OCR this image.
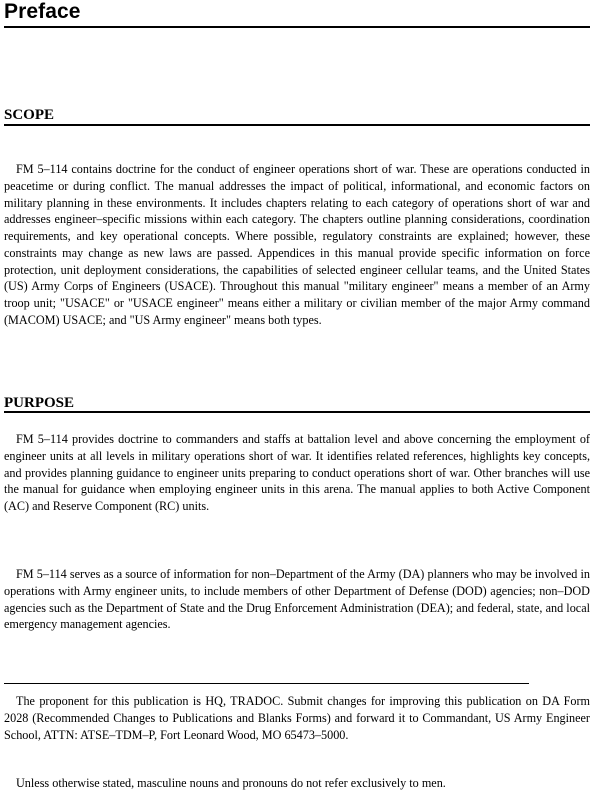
Preface
SCOPE

FM 5–114 contains doctrine for the conduct of engineer operations short of war. These are operations conducted in peacetime or during conflict. The manual addresses the impact of political, informational, and economic factors on military planning in these environments. It includes chapters relating to each category of operations short of war and addresses engineer–specific missions within each category. The chapters outline planning considerations, coordination requirements, and key operational concepts. Where possible, regulatory constraints are explained; however, these constraints may change as new laws are passed. Appendices in this manual provide specific information on force protection, unit deployment considerations, the capabilities of selected engineer cellular teams, and the United States (US) Army Corps of Engineers (USACE). Throughout this manual "military engineer" means a member of an Army troop unit; "USACE" or "USACE engineer" means either a military or civilian member of the major Army command (MACOM) USACE; and "US Army engineer" means both types.

PURPOSE

FM 5–114 provides doctrine to commanders and staffs at battalion level and above concerning the employment of engineer units at all levels in military operations short of war. It identifies related references, highlights key concepts, and provides planning guidance to engineer units preparing to conduct operations short of war. Other branches will use the manual for guidance when employing engineer units in this arena. The manual applies to both Active Component (AC) and Reserve Component (RC) units.

FM 5–114 serves as a source of information for non–Department of the Army (DA) planners who may be involved in operations with Army engineer units, to include members of other Department of Defense (DOD) agencies; non–DOD agencies such as the Department of State and the Drug Enforcement Administration (DEA); and federal, state, and local emergency management agencies.

The proponent for this publication is HQ, TRADOC. Submit changes for improving this publication on DA Form 2028 (Recommended Changes to Publications and Blanks Forms) and forward it to Commandant, US Army Engineer School, ATTN: ATSE–TDM–P, Fort Leonard Wood, MO 65473–5000.

Unless otherwise stated, masculine nouns and pronouns do not refer exclusively to men.
